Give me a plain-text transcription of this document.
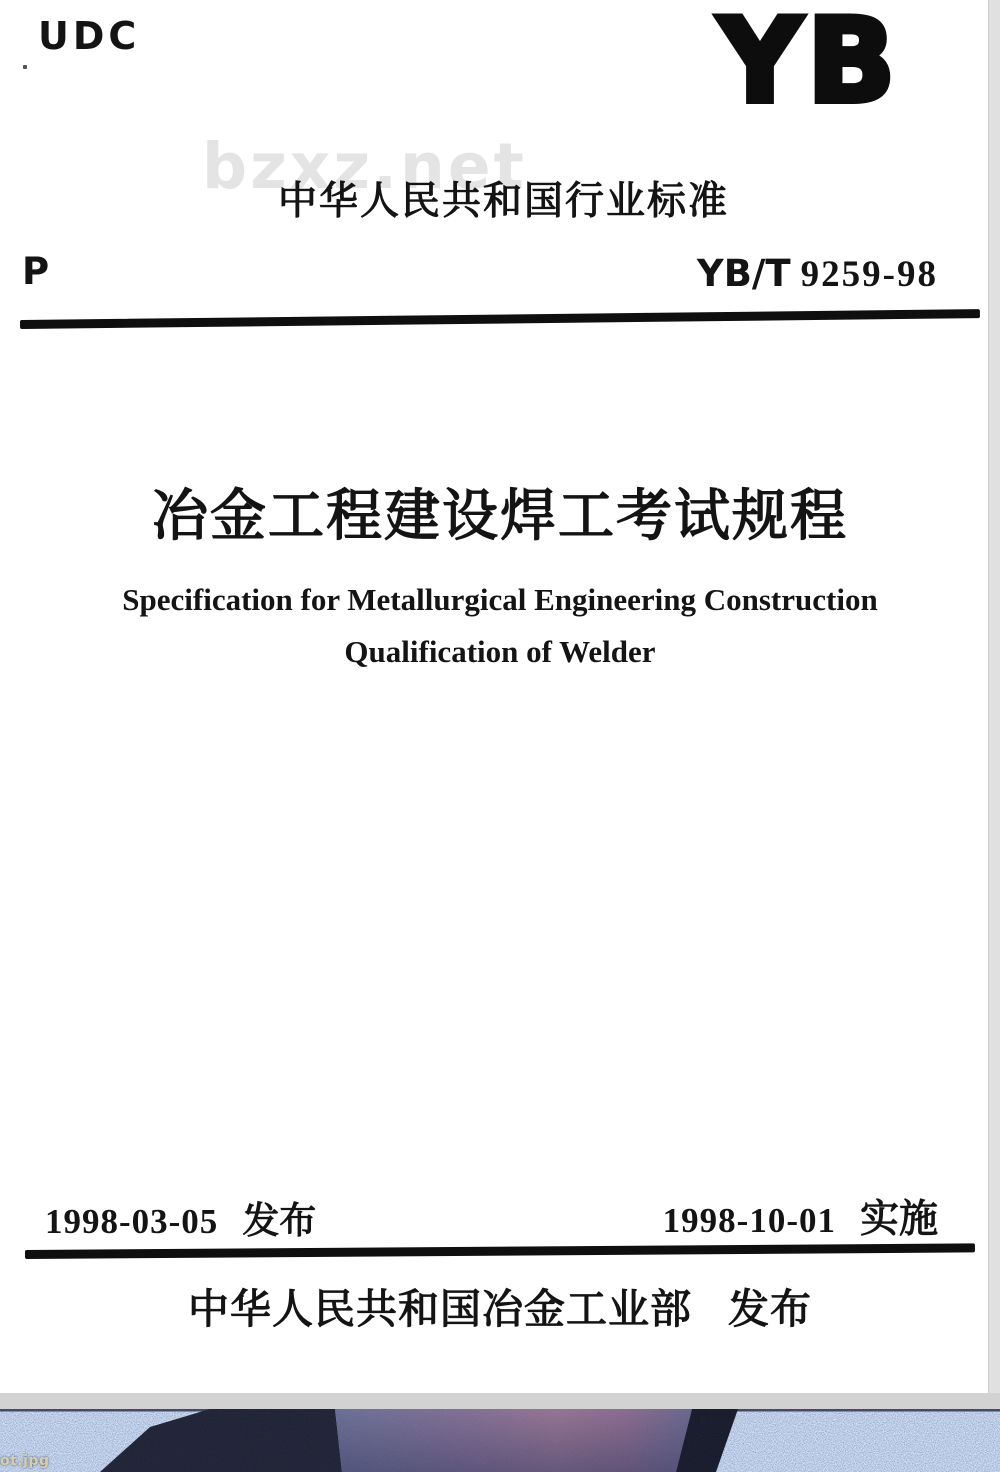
UDC	YB
bzxz.net
中华人民共和国行业标准
P	YB/T 9259-98
冶金工程建设焊工考试规程
Specification for Metallurgical Engineering Construction
Qualification of Welder
1998-03-05 发布	1998-10-01 实施
中华人民共和国冶金工业部 发布
ot.jpg
